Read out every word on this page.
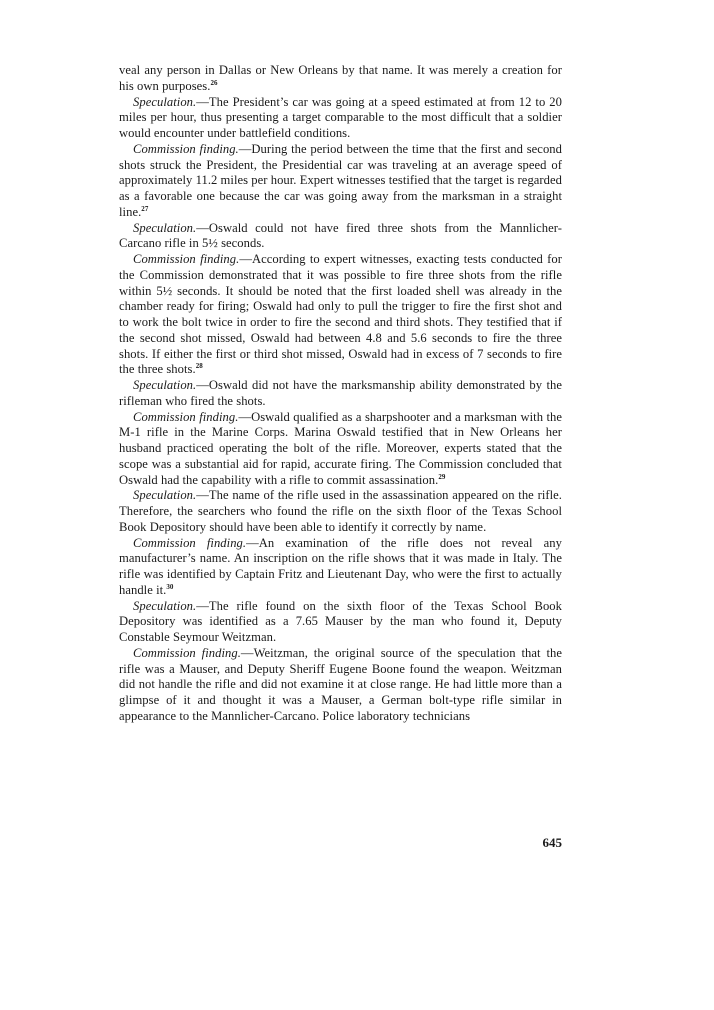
veal any person in Dallas or New Orleans by that name. It was merely a creation for his own purposes.$^{26}$

Speculation.—The President’s car was going at a speed estimated at from 12 to 20 miles per hour, thus presenting a target comparable to the most difficult that a soldier would encounter under battlefield conditions.

Commission finding.—During the period between the time that the first and second shots struck the President, the Presidential car was traveling at an average speed of approximately 11.2 miles per hour. Expert witnesses testified that the target is regarded as a favorable one because the car was going away from the marksman in a straight line.$^{27}$

Speculation.—Oswald could not have fired three shots from the Mannlicher-Carcano rifle in 5½ seconds.

Commission finding.—According to expert witnesses, exacting tests conducted for the Commission demonstrated that it was possible to fire three shots from the rifle within 5½ seconds. It should be noted that the first loaded shell was already in the chamber ready for firing; Oswald had only to pull the trigger to fire the first shot and to work the bolt twice in order to fire the second and third shots. They testified that if the second shot missed, Oswald had between 4.8 and 5.6 seconds to fire the three shots. If either the first or third shot missed, Oswald had in excess of 7 seconds to fire the three shots.$^{28}$

Speculation.—Oswald did not have the marksmanship ability demonstrated by the rifleman who fired the shots.

Commission finding.—Oswald qualified as a sharpshooter and a marksman with the M-1 rifle in the Marine Corps. Marina Oswald testified that in New Orleans her husband practiced operating the bolt of the rifle. Moreover, experts stated that the scope was a substantial aid for rapid, accurate firing. The Commission concluded that Oswald had the capability with a rifle to commit assassination.$^{29}$

Speculation.—The name of the rifle used in the assassination appeared on the rifle. Therefore, the searchers who found the rifle on the sixth floor of the Texas School Book Depository should have been able to identify it correctly by name.

Commission finding.—An examination of the rifle does not reveal any manufacturer’s name. An inscription on the rifle shows that it was made in Italy. The rifle was identified by Captain Fritz and Lieutenant Day, who were the first to actually handle it.$^{30}$

Speculation.—The rifle found on the sixth floor of the Texas School Book Depository was identified as a 7.65 Mauser by the man who found it, Deputy Constable Seymour Weitzman.

Commission finding.—Weitzman, the original source of the speculation that the rifle was a Mauser, and Deputy Sheriff Eugene Boone found the weapon. Weitzman did not handle the rifle and did not examine it at close range. He had little more than a glimpse of it and thought it was a Mauser, a German bolt-type rifle similar in appearance to the Mannlicher-Carcano. Police laboratory technicians

645
